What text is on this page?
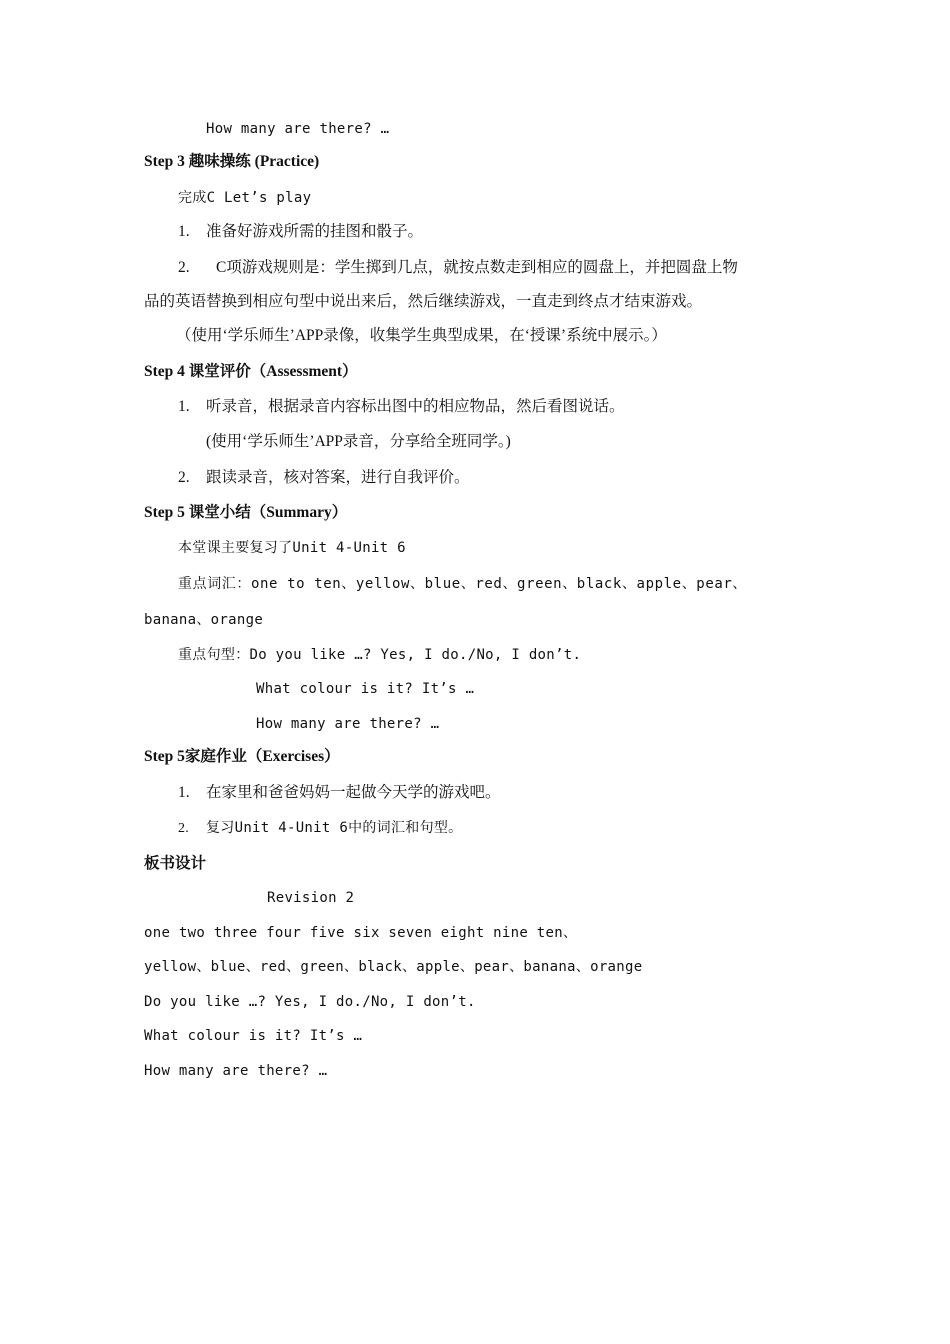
How many are there? …
Step 3 趣味操练 (Practice)
完成C Let’s play
1. 准备好游戏所需的挂图和骰子。
2. C项游戏规则是：学生掷到几点，就按点数走到相应的圆盘上，并把圆盘上物
品的英语替换到相应句型中说出来后，然后继续游戏，一直走到终点才结束游戏。
（使用‘学乐师生’APP录像，收集学生典型成果，在‘授课’系统中展示。）
Step 4 课堂评价（Assessment）
1. 听录音，根据录音内容标出图中的相应物品，然后看图说话。
(使用‘学乐师生’APP录音，分享给全班同学。)
2. 跟读录音，核对答案，进行自我评价。
Step 5 课堂小结（Summary）
本堂课主要复习了Unit 4-Unit 6
重点词汇：one to ten、yellow、blue、red、green、black、apple、pear、
banana、orange
重点句型：Do you like …? Yes, I do./No, I don’t.
What colour is it? It’s …
How many are there? …
Step 5家庭作业（Exercises）
1. 在家里和爸爸妈妈一起做今天学的游戏吧。
2. 复习Unit 4-Unit 6中的词汇和句型。
板书设计
Revision 2
one two three four five six seven eight nine ten、
yellow、blue、red、green、black、apple、pear、banana、orange
Do you like …? Yes, I do./No, I don’t.
What colour is it? It’s …
How many are there? …
